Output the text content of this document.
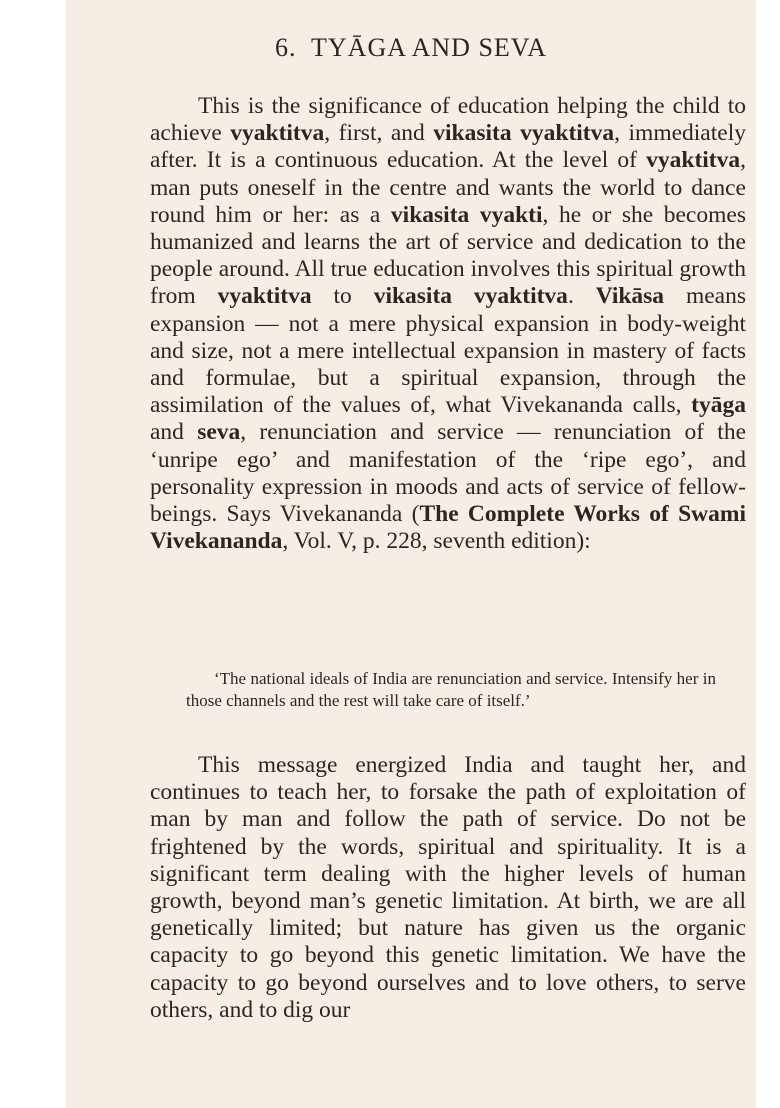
6.  TYĀGA AND SEVA

This is the significance of education helping the child to achieve vyaktitva, first, and vikasita vyaktitva, immediately after. It is a continuous education. At the level of vyaktitva, man puts oneself in the centre and wants the world to dance round him or her: as a vikasita vyakti, he or she becomes humanized and learns the art of service and dedication to the people around. All true education involves this spiritual growth from vyaktitva to vikasita vyaktitva. Vikāsa means expansion — not a mere physical expansion in body-weight and size, not a mere intellectual expansion in mastery of facts and formulae, but a spiritual expansion, through the assimilation of the values of, what Vivekananda calls, tyāga and seva, renunciation and service — renunciation of the ‘unripe ego’ and manifestation of the ‘ripe ego’, and personality expression in moods and acts of service of fellowbeings. Says Vivekananda (The Complete Works of Swami Vivekananda, Vol. V, p. 228, seventh edition):

‘The national ideals of India are renunciation and service. Intensify her in those channels and the rest will take care of itself.’

This message energized India and taught her, and continues to teach her, to forsake the path of exploitation of man by man and follow the path of service. Do not be frightened by the words, spiritual and spirituality. It is a significant term dealing with the higher levels of human growth, beyond man’s genetic limitation. At birth, we are all genetically limited; but nature has given us the organic capacity to go beyond this genetic limitation. We have the capacity to go beyond ourselves and to love others, to serve others, and to dig our
